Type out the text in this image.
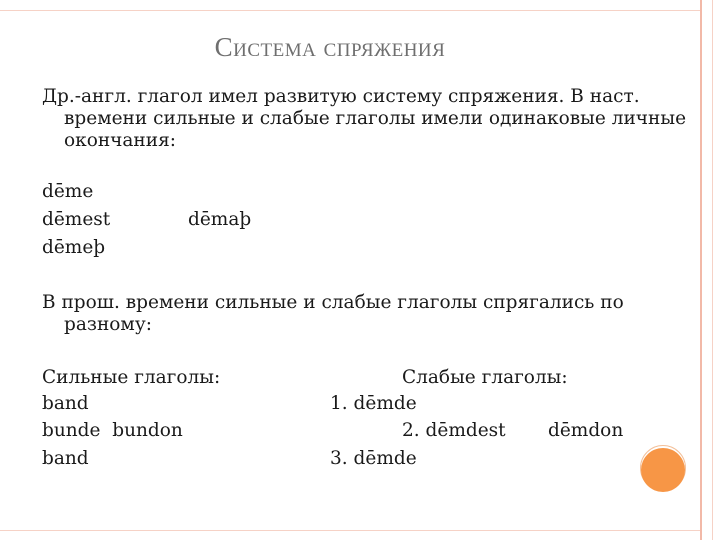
Система спряжения
Др.-англ. глагол имел развитую систему спряжения. В наст. времени сильные и слабые глаголы имели одинаковые личные окончания:
dēme
dēmest	dēmaþ
dēmeþ
В прош. времени сильные и слабые глаголы спрягались по разному:
Сильные глаголы:
band
bunde  bundon
band
Слабые глаголы:
1. dēmde
2. dēmdest dēmdon
3. dēmde
